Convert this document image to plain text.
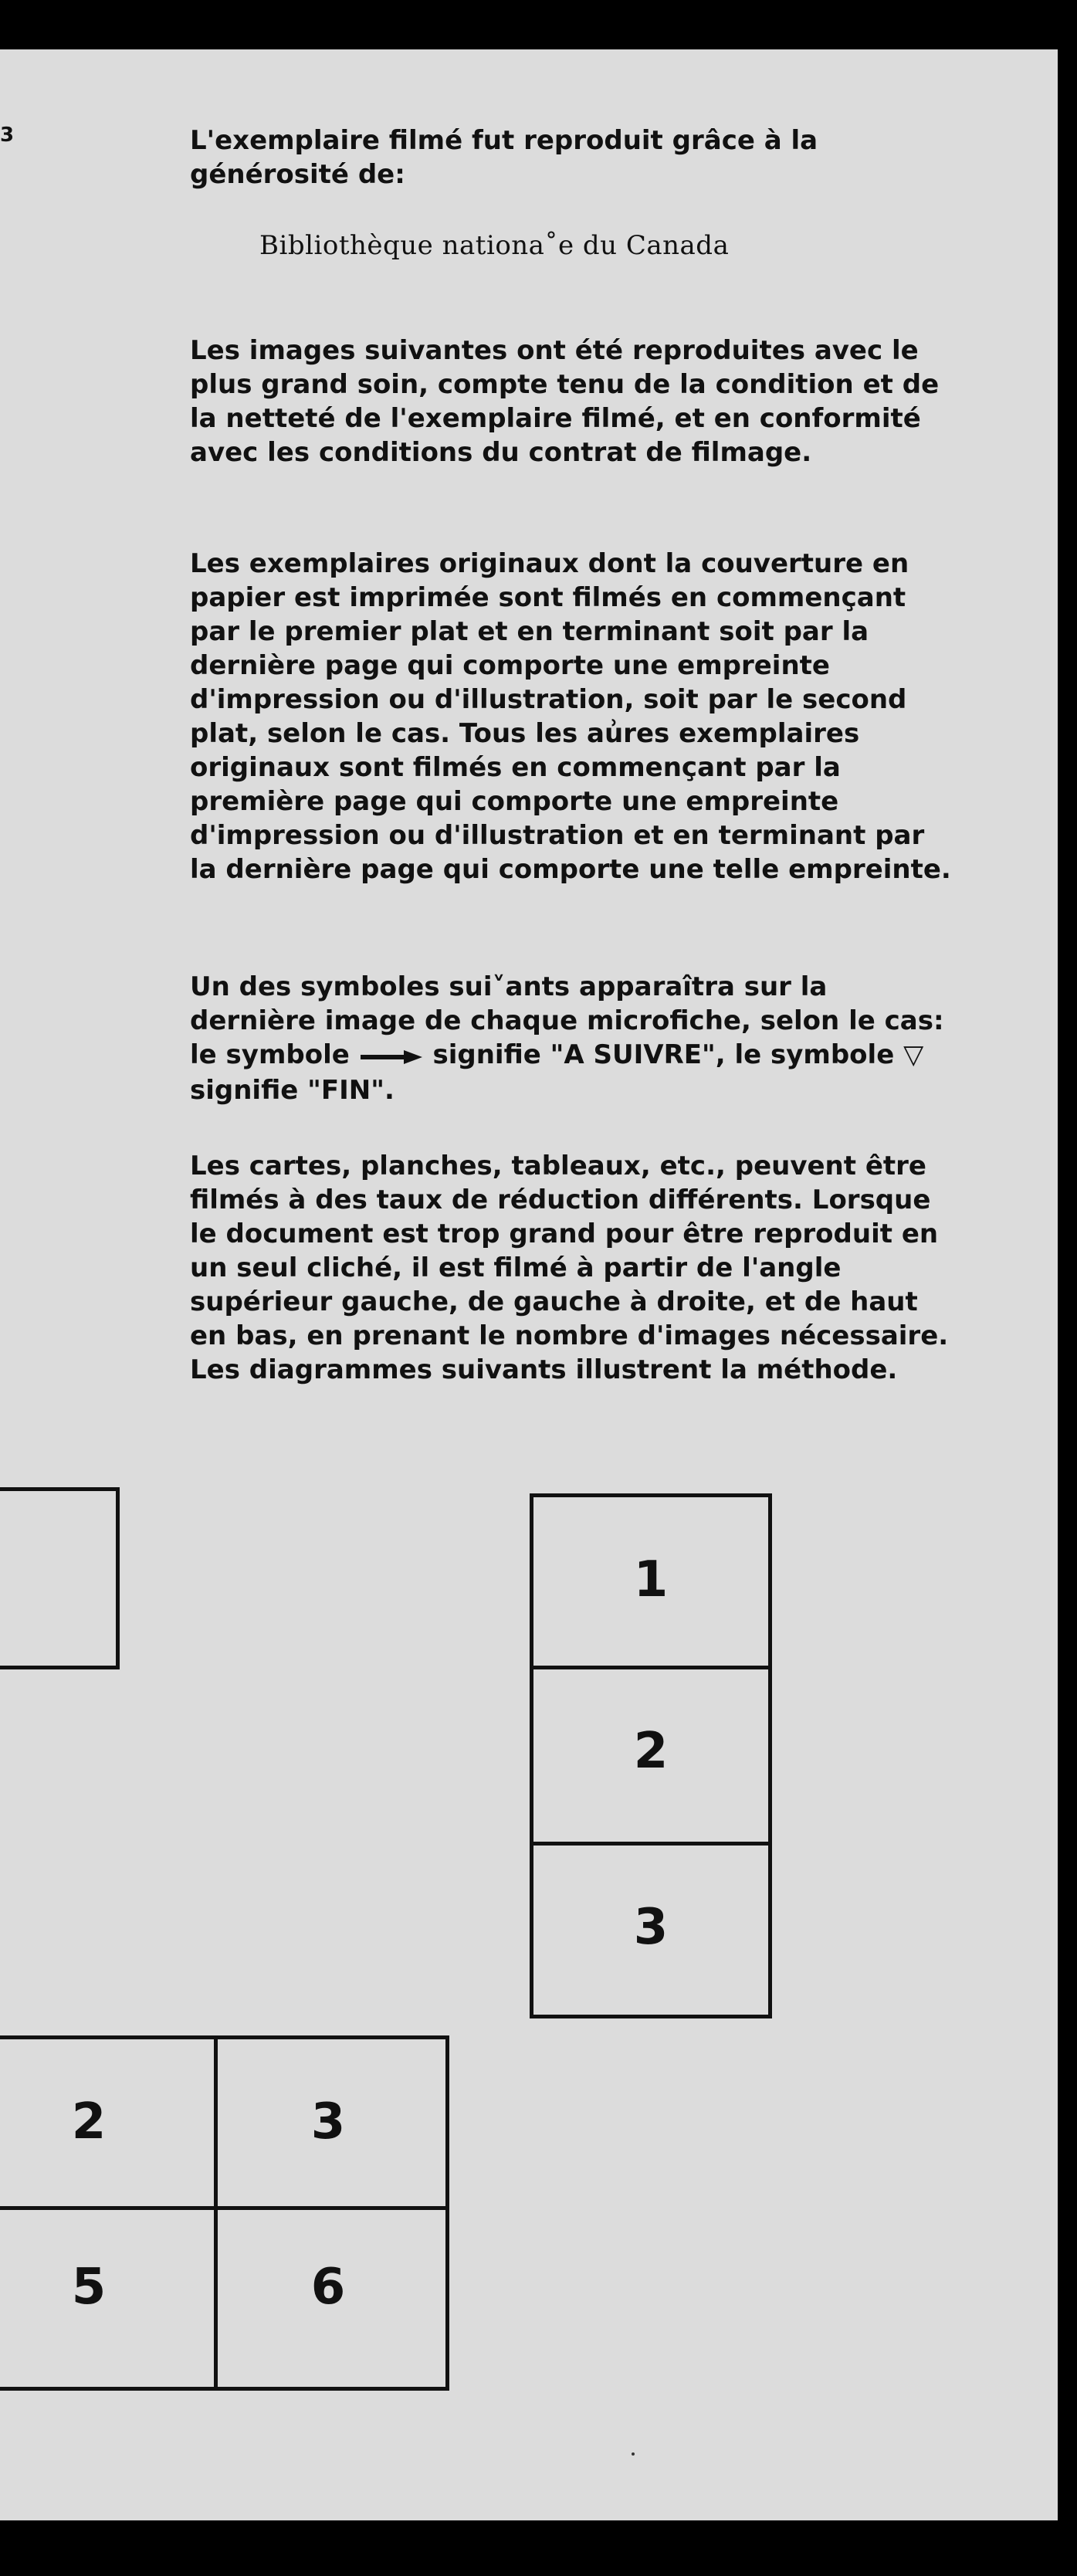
3	L'exemplaire filmé fut reproduit grâce à la générosité de:
Bibliothèque nationa˚e du Canada
Les images suivantes ont été reproduites avec le plus grand soin, compte tenu de la condition et de la netteté de l'exemplaire filmé, et en conformité avec les conditions du contrat de filmage.
Les exemplaires originaux dont la couverture en papier est imprimée sont filmés en commençant par le premier plat et en terminant soit par la dernière page qui comporte une empreinte d'impression ou d'illustration, soit par le second plat, selon le cas. Tous les au͗res exemplaires originaux sont filmés en commençant par la première page qui comporte une empreinte d'impression ou d'illustration et en terminant par la dernière page qui comporte une telle empreinte.
Un des symboles sui˅ants apparaîtra sur la dernière image de chaque microfiche, selon le cas: le symbole	signifie "A SUIVRE", le symbole ▽ signifie "FIN".
Les cartes, planches, tableaux, etc., peuvent être filmés à des taux de réduction différents. Lorsque le document est trop grand pour être reproduit en un seul cliché, il est filmé à partir de l'angle supérieur gauche, de gauche à droite, et de haut en bas, en prenant le nombre d'images nécessaire. Les diagrammes suivants illustrent la méthode.
1
2
3
2	3
5	6
